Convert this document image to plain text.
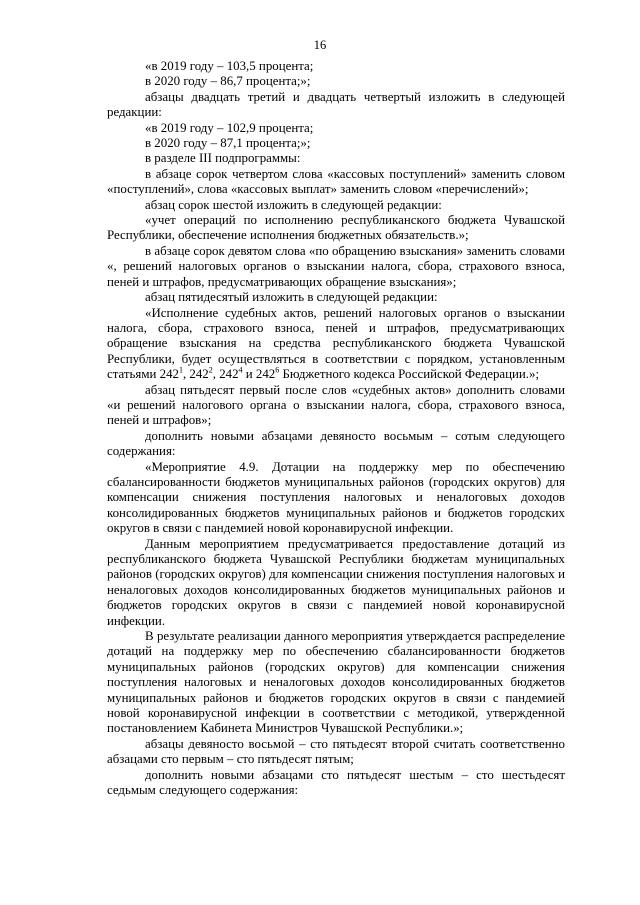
16

«в 2019 году – 103,5 процента;

в 2020 году – 86,7 процента;»;

абзацы двадцать третий и двадцать четвертый изложить в следующей редакции:

«в 2019 году – 102,9 процента;

в 2020 году – 87,1 процента;»;

в разделе III подпрограммы:

в абзаце сорок четвертом слова «кассовых поступлений» заменить словом «поступлений», слова «кассовых выплат» заменить словом «перечислений»;

абзац сорок шестой изложить в следующей редакции:

«учет операций по исполнению республиканского бюджета Чувашской Республики, обеспечение исполнения бюджетных обязательств.»;

в абзаце сорок девятом слова «по обращению взыскания» заменить словами «, решений налоговых органов о взыскании налога, сбора, страхового взноса, пеней и штрафов, предусматривающих обращение взыскания»;

абзац пятидесятый изложить в следующей редакции:

«Исполнение судебных актов, решений налоговых органов о взыскании налога, сбора, страхового взноса, пеней и штрафов, предусматривающих обращение взыскания на средства республиканского бюджета Чувашской Республики, будет осуществляться в соответствии с порядком, установленным статьями $242^1$, $242^2$, $242^4$ и $242^6$ Бюджетного кодекса Российской Федерации.»;

абзац пятьдесят первый после слов «судебных актов» дополнить словами «и решений налогового органа о взыскании налога, сбора, страхового взноса, пеней и штрафов»;

дополнить новыми абзацами девяносто восьмым – сотым следующего содержания:

«Мероприятие 4.9. Дотации на поддержку мер по обеспечению сбалансированности бюджетов муниципальных районов (городских округов) для компенсации снижения поступления налоговых и неналоговых доходов консолидированных бюджетов муниципальных районов и бюджетов городских округов в связи с пандемией новой коронавирусной инфекции.

Данным мероприятием предусматривается предоставление дотаций из республиканского бюджета Чувашской Республики бюджетам муниципальных районов (городских округов) для компенсации снижения поступления налоговых и неналоговых доходов консолидированных бюджетов муниципальных районов и бюджетов городских округов в связи с пандемией новой коронавирусной инфекции.

В результате реализации данного мероприятия утверждается распределение дотаций на поддержку мер по обеспечению сбалансированности бюджетов муниципальных районов (городских округов) для компенсации снижения поступления налоговых и неналоговых доходов консолидированных бюджетов муниципальных районов и бюджетов городских округов в связи с пандемией новой коронавирусной инфекции в соответствии с методикой, утвержденной постановлением Кабинета Министров Чувашской Республики.»;

абзацы девяносто восьмой – сто пятьдесят второй считать соответственно абзацами сто первым – сто пятьдесят пятым;

дополнить новыми абзацами сто пятьдесят шестым – сто шестьдесят седьмым следующего содержания:
